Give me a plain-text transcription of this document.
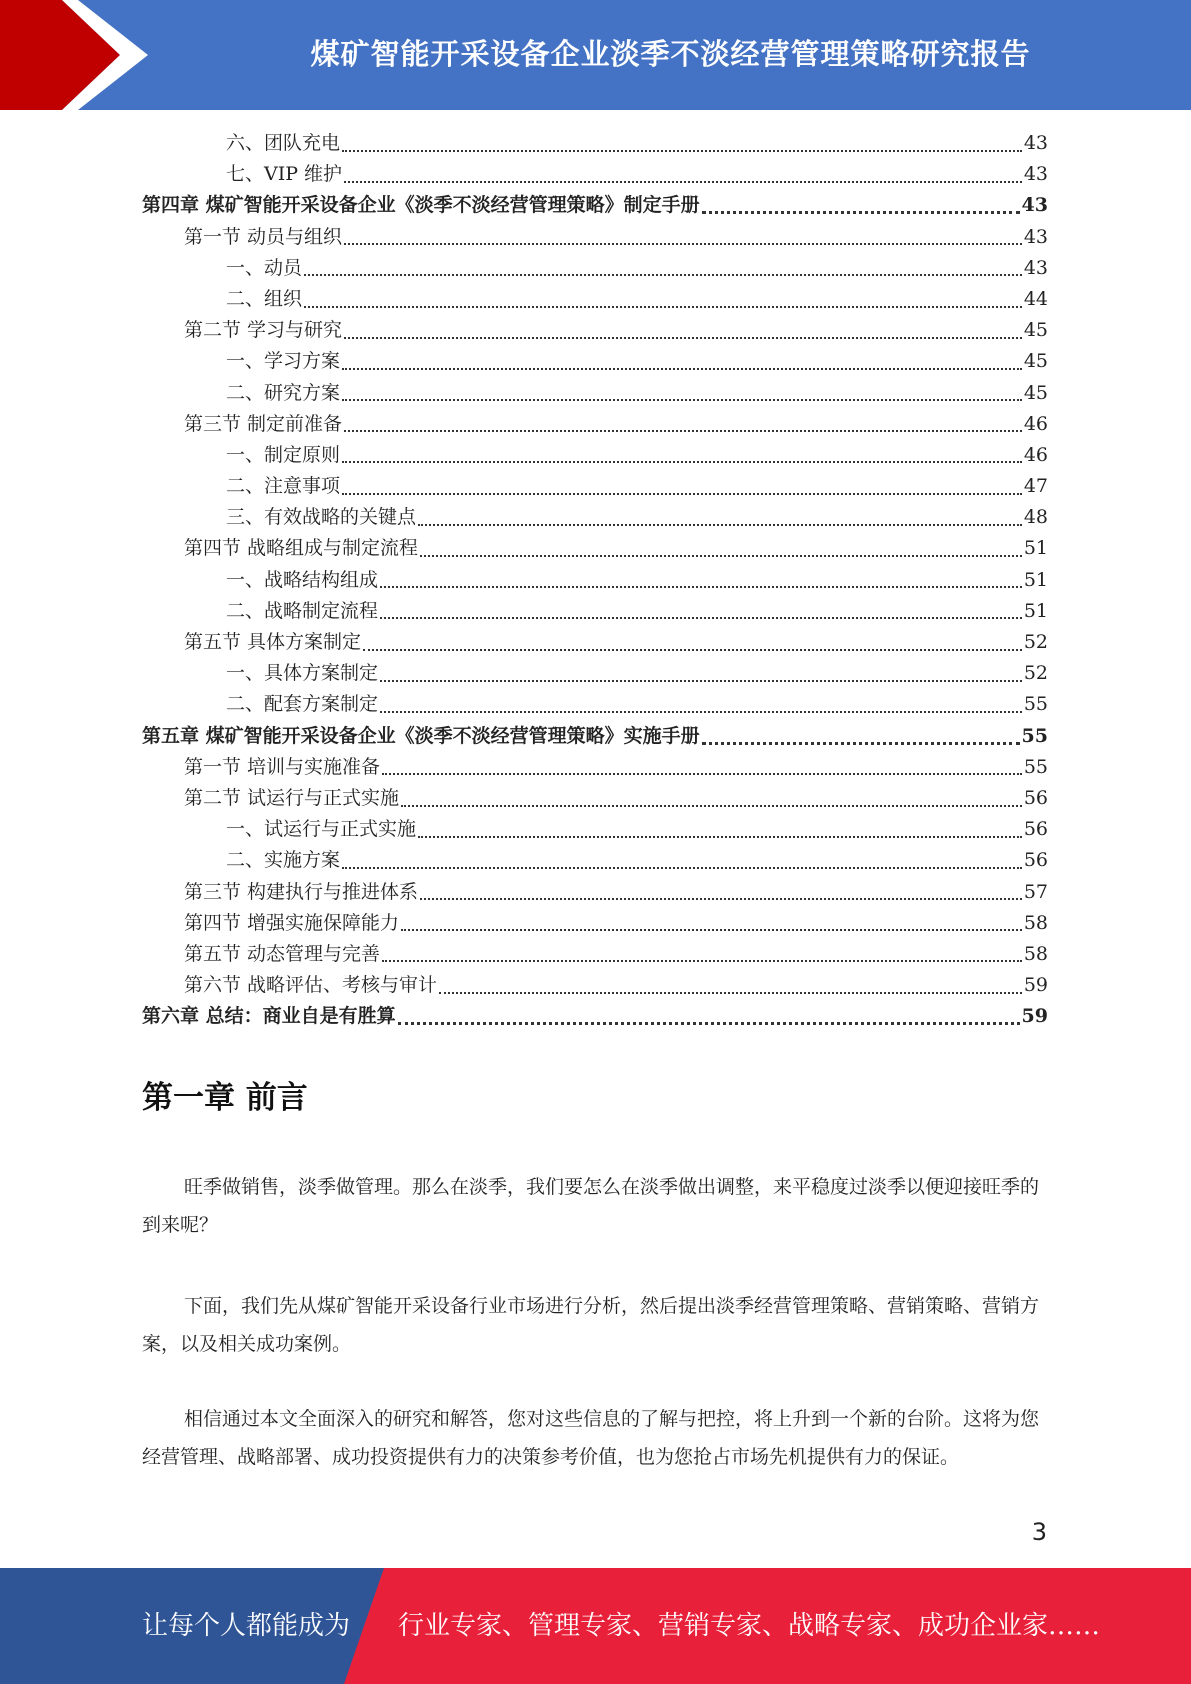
煤矿智能开采设备企业淡季不淡经营管理策略研究报告
六、团队充电	43
七、VIP 维护	43
第四章 煤矿智能开采设备企业《淡季不淡经营管理策略》制定手册	43
第一节 动员与组织	43
一、动员	43
二、组织	44
第二节 学习与研究	45
一、学习方案	45
二、研究方案	45
第三节 制定前准备	46
一、制定原则	46
二、注意事项	47
三、有效战略的关键点	48
第四节 战略组成与制定流程	51
一、战略结构组成	51
二、战略制定流程	51
第五节 具体方案制定	52
一、具体方案制定	52
二、配套方案制定	55
第五章 煤矿智能开采设备企业《淡季不淡经营管理策略》实施手册	55
第一节 培训与实施准备	55
第二节 试运行与正式实施	56
一、试运行与正式实施	56
二、实施方案	56
第三节 构建执行与推进体系	57
第四节 增强实施保障能力	58
第五节 动态管理与完善	58
第六节 战略评估、考核与审计	59
第六章 总结：商业自是有胜算	59
第一章 前言

旺季做销售，淡季做管理。那么在淡季，我们要怎么在淡季做出调整，来平稳度过淡季以便迎接旺季的到来呢？

下面，我们先从煤矿智能开采设备行业市场进行分析，然后提出淡季经营管理策略、营销策略、营销方案，以及相关成功案例。

相信通过本文全面深入的研究和解答，您对这些信息的了解与把控，将上升到一个新的台阶。这将为您经营管理、战略部署、成功投资提供有力的决策参考价值，也为您抢占市场先机提供有力的保证。

3
让每个人都能成为 行业专家、管理专家、营销专家、战略专家、成功企业家……
